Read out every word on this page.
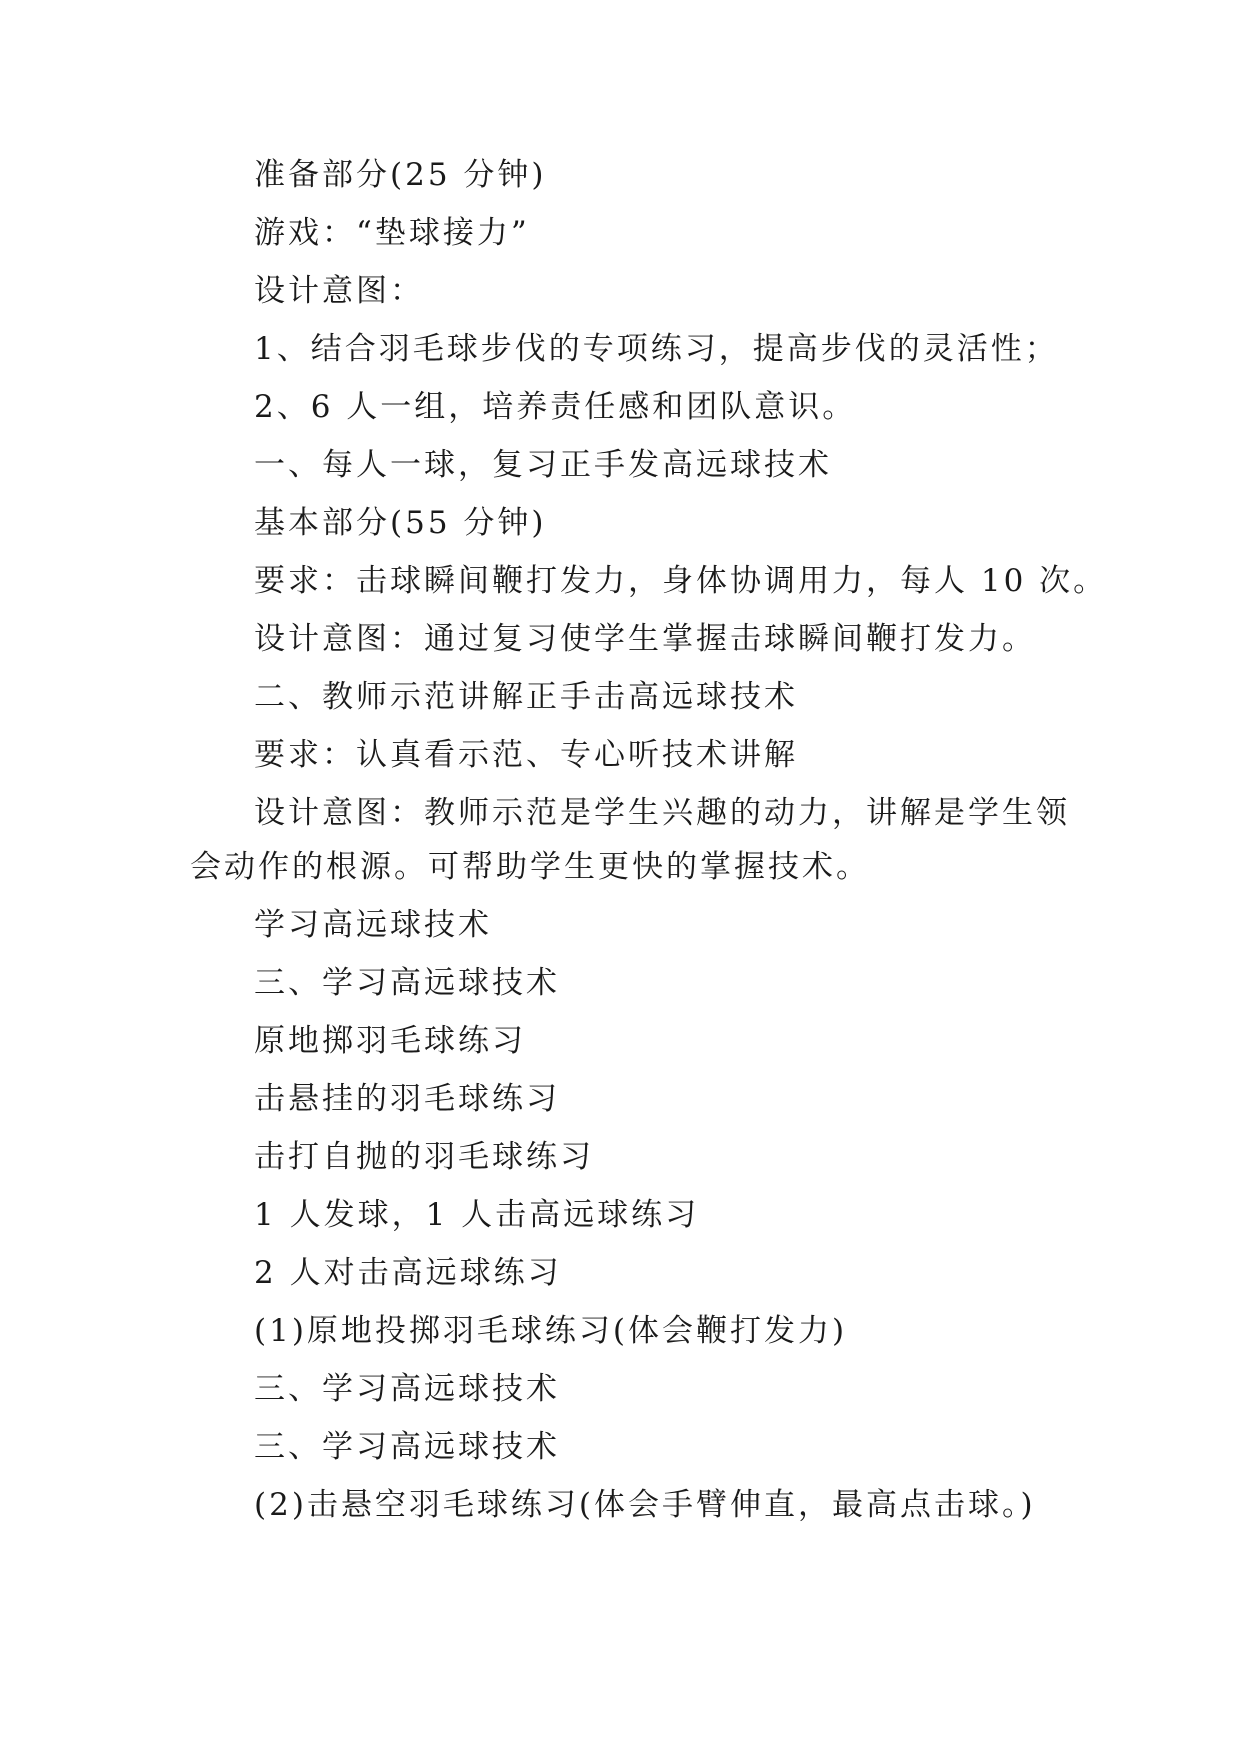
准备部分(25 分钟)
游戏：“垫球接力”
设计意图：
1、结合羽毛球步伐的专项练习，提高步伐的灵活性；
2、6 人一组，培养责任感和团队意识。
一、每人一球，复习正手发高远球技术
基本部分(55 分钟)
要求：击球瞬间鞭打发力，身体协调用力，每人 10 次。
设计意图：通过复习使学生掌握击球瞬间鞭打发力。
二、教师示范讲解正手击高远球技术
要求：认真看示范、专心听技术讲解
设计意图：教师示范是学生兴趣的动力，讲解是学生领
会动作的根源。可帮助学生更快的掌握技术。
学习高远球技术
三、学习高远球技术
原地掷羽毛球练习
击悬挂的羽毛球练习
击打自抛的羽毛球练习
1 人发球，1 人击高远球练习
2 人对击高远球练习
(1)原地投掷羽毛球练习(体会鞭打发力)
三、学习高远球技术
三、学习高远球技术
(2)击悬空羽毛球练习(体会手臂伸直，最高点击球。)
